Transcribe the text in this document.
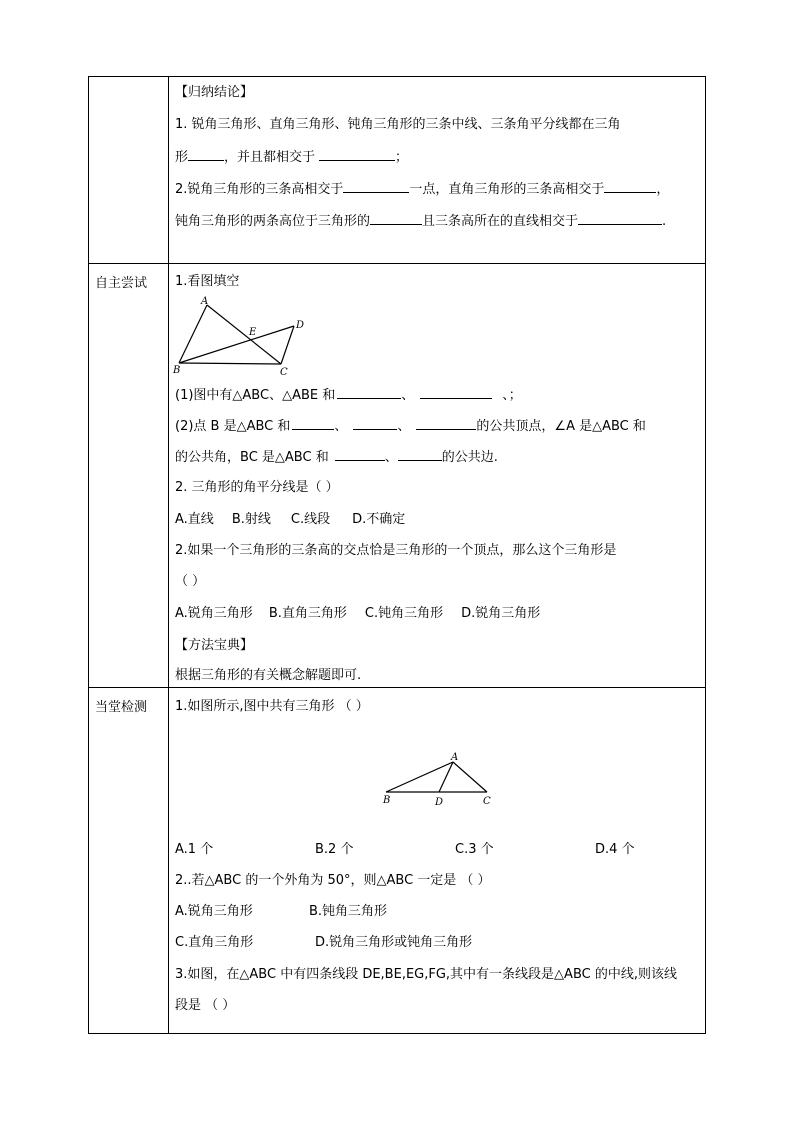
【归纳结论】
1. 锐角三角形、直角三角形、钝角三角形的三条中线、三条角平分线都在三角
形	，并且都相交于	；
2.锐角三角形的三条高相交于	一点，直角三角形的三条高相交于	，
钝角三角形的两条高位于三角形的	且三条高所在的直线相交于	.
自主尝试 1.看图填空
A
B	C
D
E
(1)图中有△ABC、△ABE 和	、	、；
(2)点 B 是△ABC 和	、	、	的公共顶点，∠A 是△ABC 和
的公共角，BC 是△ABC 和	、	的公共边.
2. 三角形的角平分线是（ ）
A.直线 B.射线 C.线段 D.不确定
2.如果一个三角形的三条高的交点恰是三角形的一个顶点，那么这个三角形是
（ ）
A.锐角三角形 B.直角三角形 C.钝角三角形 D.锐角三角形
【方法宝典】
根据三角形的有关概念解题即可.
当堂检测 1.如图所示,图中共有三角形 （ ）
A
B	D	C
A.1 个	B.2 个	C.3 个	D.4 个
2..若△ABC 的一个外角为 50°，则△ABC 一定是 （ ）
A.锐角三角形	B.钝角三角形
C.直角三角形	D.锐角三角形或钝角三角形
3.如图，在△ABC 中有四条线段 DE,BE,EG,FG,其中有一条线段是△ABC 的中线,则该线
段是 （ ）
